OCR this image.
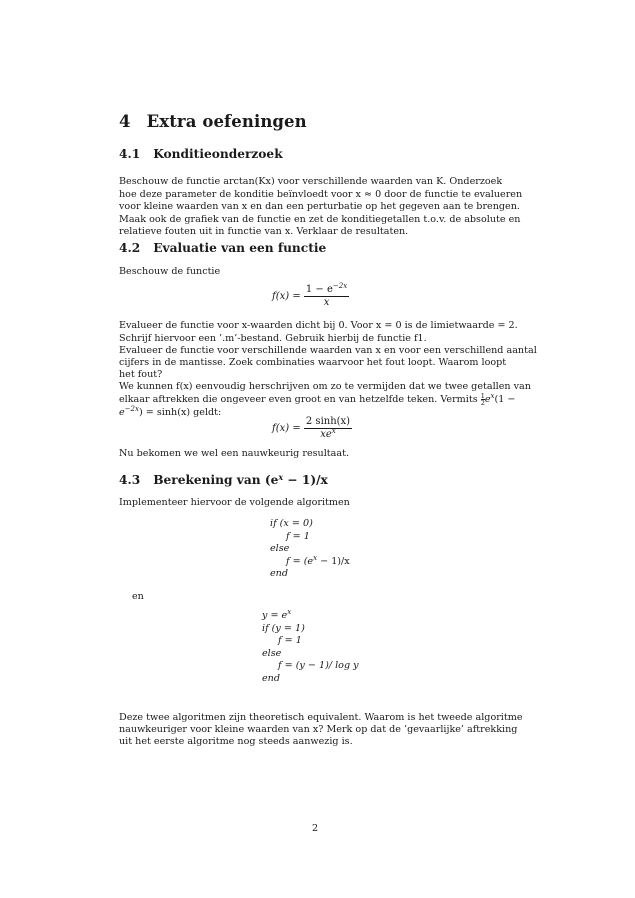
4 Extra oefeningen
4.1 Konditieonderzoek
Beschouw de functie arctan(Kx) voor verschillende waarden van K. Onderzoek
hoe deze parameter de konditie beïnvloedt voor x ≈ 0 door de functie te evalueren
voor kleine waarden van x en dan een perturbatie op het gegeven aan te brengen.
Maak ook de grafiek van de functie en zet de konditiegetallen t.o.v. de absolute en
relatieve fouten uit in functie van x. Verklaar de resultaten.
4.2 Evaluatie van een functie
Beschouw de functie
$f(x) = \frac{1 - e^{-2x}}{x}$
Evalueer de functie voor x-waarden dicht bij 0. Voor x = 0 is de limietwaarde = 2.
Schrijf hiervoor een ’.m’-bestand. Gebruik hierbij de functie f1.
Evalueer de functie voor verschillende waarden van x en voor een verschillend aantal
cijfers in de mantisse. Zoek combinaties waarvoor het fout loopt. Waarom loopt
het fout?
We kunnen f(x) eenvoudig herschrijven om zo te vermijden dat we twee getallen van
elkaar aftrekken die ongeveer even groot en van hetzelfde teken. Vermits $\frac{1}{2} e^x(1$ −
$e^{-2x}) = \sinh(x)$ geldt:
$f(x) = \frac{2 \sinh(x)}{xe^x}$
Nu bekomen we wel een nauwkeurig resultaat.
4.3 Berekening van $(e^x - 1)/x$
Implementeer hiervoor de volgende algoritmen
if (x = 0)
f = 1
else
$f = (e^x - 1)/x$
end
en
$y = e^x$
if (y = 1)
f = 1
else
f = (y − 1)/ log y
end
Deze twee algoritmen zijn theoretisch equivalent. Waarom is het tweede algoritme
nauwkeuriger voor kleine waarden van x? Merk op dat de ’gevaarlijke’ aftrekking
uit het eerste algoritme nog steeds aanwezig is.
2
